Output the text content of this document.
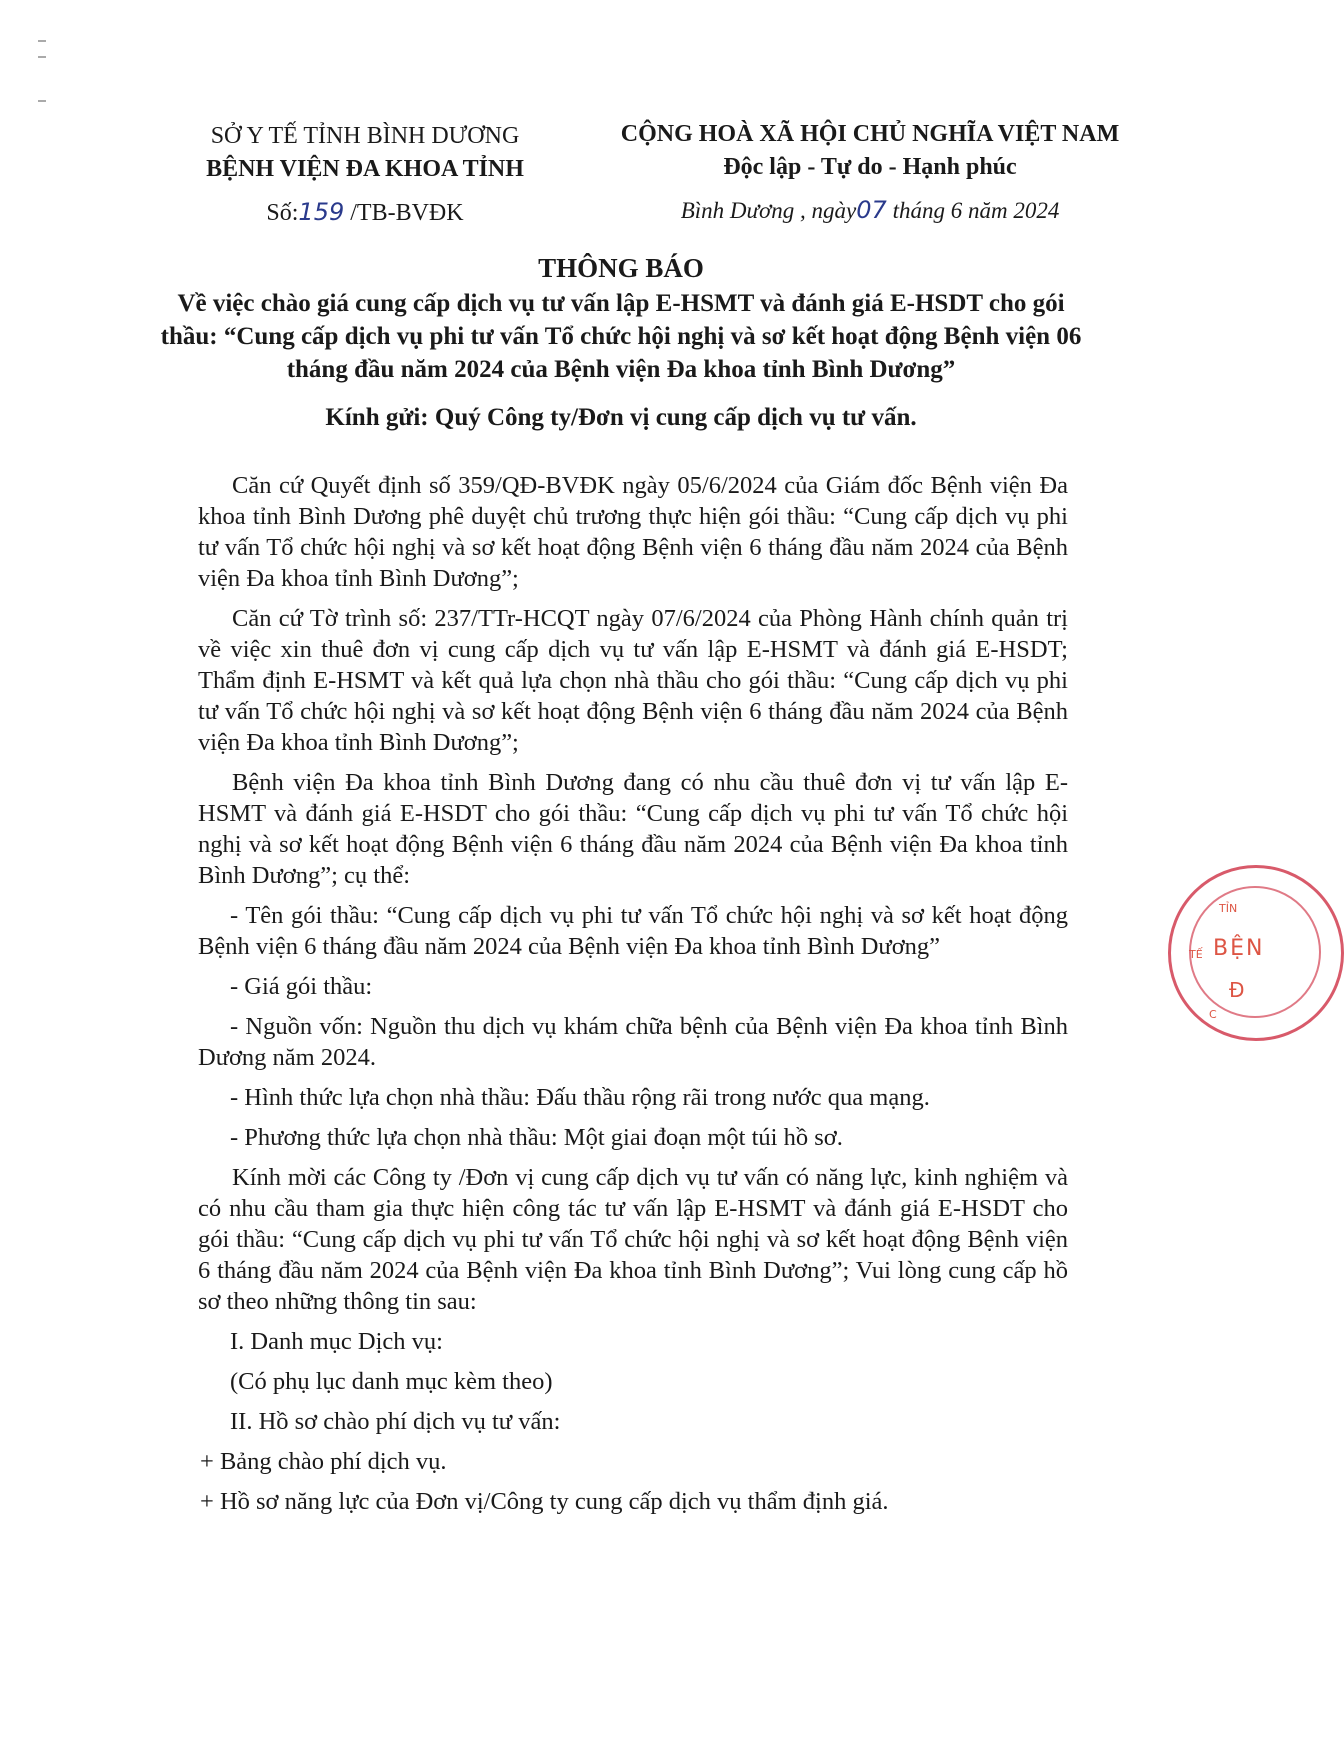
SỞ Y TẾ TỈNH BÌNH DƯƠNG
BỆNH VIỆN ĐA KHOA TỈNH
Số:159 /TB-BVĐK
CỘNG HOÀ XÃ HỘI CHỦ NGHĨA VIỆT NAM
Độc lập - Tự do - Hạnh phúc
Bình Dương , ngày07 tháng 6 năm 2024
THÔNG BÁO
Về việc chào giá cung cấp dịch vụ tư vấn lập E-HSMT và đánh giá E-HSDT cho gói thầu: “Cung cấp dịch vụ phi tư vấn Tổ chức hội nghị và sơ kết hoạt động Bệnh viện 06 tháng đầu năm 2024 của Bệnh viện Đa khoa tỉnh Bình Dương”
Kính gửi: Quý Công ty/Đơn vị cung cấp dịch vụ tư vấn.

Căn cứ Quyết định số 359/QĐ-BVĐK ngày 05/6/2024 của Giám đốc Bệnh viện Đa khoa tỉnh Bình Dương phê duyệt chủ trương thực hiện gói thầu: “Cung cấp dịch vụ phi tư vấn Tổ chức hội nghị và sơ kết hoạt động Bệnh viện 6 tháng đầu năm 2024 của Bệnh viện Đa khoa tỉnh Bình Dương”;

Căn cứ Tờ trình số: 237/TTr-HCQT ngày 07/6/2024 của Phòng Hành chính quản trị về việc xin thuê đơn vị cung cấp dịch vụ tư vấn lập E-HSMT và đánh giá E-HSDT; Thẩm định E-HSMT và kết quả lựa chọn nhà thầu cho gói thầu: “Cung cấp dịch vụ phi tư vấn Tổ chức hội nghị và sơ kết hoạt động Bệnh viện 6 tháng đầu năm 2024 của Bệnh viện Đa khoa tỉnh Bình Dương”;

Bệnh viện Đa khoa tỉnh Bình Dương đang có nhu cầu thuê đơn vị tư vấn lập E-HSMT và đánh giá E-HSDT cho gói thầu: “Cung cấp dịch vụ phi tư vấn Tổ chức hội nghị và sơ kết hoạt động Bệnh viện 6 tháng đầu năm 2024 của Bệnh viện Đa khoa tỉnh Bình Dương”; cụ thể:

- Tên gói thầu: “Cung cấp dịch vụ phi tư vấn Tổ chức hội nghị và sơ kết hoạt động Bệnh viện 6 tháng đầu năm 2024 của Bệnh viện Đa khoa tỉnh Bình Dương”

- Giá gói thầu:

- Nguồn vốn: Nguồn thu dịch vụ khám chữa bệnh của Bệnh viện Đa khoa tỉnh Bình Dương năm 2024.

- Hình thức lựa chọn nhà thầu: Đấu thầu rộng rãi trong nước qua mạng.

- Phương thức lựa chọn nhà thầu: Một giai đoạn một túi hồ sơ.

Kính mời các Công ty /Đơn vị cung cấp dịch vụ tư vấn có năng lực, kinh nghiệm và có nhu cầu tham gia thực hiện công tác tư vấn lập E-HSMT và đánh giá E-HSDT cho gói thầu: “Cung cấp dịch vụ phi tư vấn Tổ chức hội nghị và sơ kết hoạt động Bệnh viện 6 tháng đầu năm 2024 của Bệnh viện Đa khoa tỉnh Bình Dương”; Vui lòng cung cấp hồ sơ theo những thông tin sau:

I. Danh mục Dịch vụ:

(Có phụ lục danh mục kèm theo)

II. Hồ sơ chào phí dịch vụ tư vấn:

+ Bảng chào phí dịch vụ.

+ Hồ sơ năng lực của Đơn vị/Công ty cung cấp dịch vụ thẩm định giá.

TỈN
TẾ
C
BỆN
Đ
